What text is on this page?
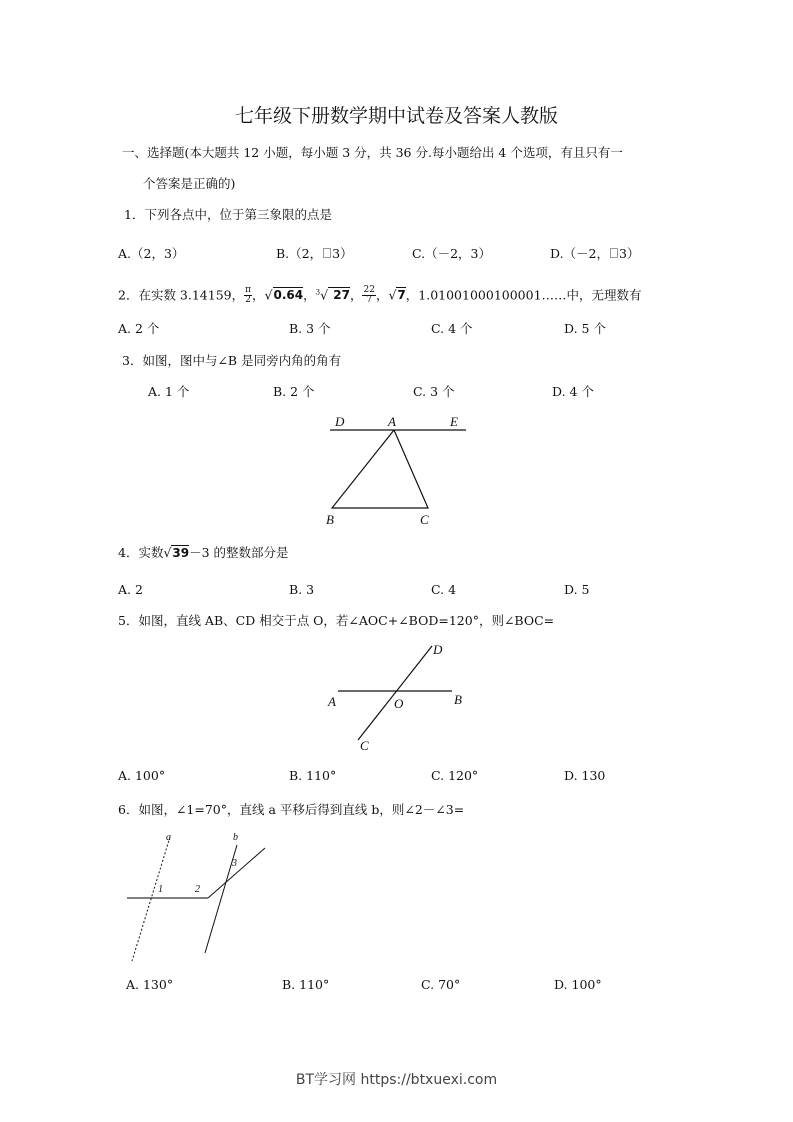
七年级下册数学期中试卷及答案人教版
一、选择题(本大题共 12 小题，每小题 3 分，共 36 分.每小题给出 4 个选项，有且只有一
个答案是正确的)
1．下列各点中，位于第三象限的点是
A.（2，3）	B.（2， 3）	C.（－2，3）	D.（－2， 3）
2．在实数 3.14159， $\frac{\pi}{2}$ ，√0.64，$^3$√ 27， $\frac{22}{7}$ ，√7，1.01001000100001……中，无理数有
A. 2 个	B. 3 个	C. 4 个	D. 5 个
3．如图，图中与∠B 是同旁内角的角有
A. 1 个	B. 2 个	C. 3 个	D. 4 个
D	A	E
B	C
4．实数√39－3 的整数部分是
A. 2	B. 3	C. 4	D. 5
5．如图，直线 AB、CD 相交于点 O，若∠AOC+∠BOD=120°，则∠BOC=
D
A	O	B
C
A. 100°	B. 110°	C. 120°	D. 130
6．如图，∠1=70°，直线 a 平移后得到直线 b，则∠2－∠3=
a	b
1	2
3
A. 130°	B. 110°	C. 70°	D. 100°
BT学习网 https://btxuexi.com
